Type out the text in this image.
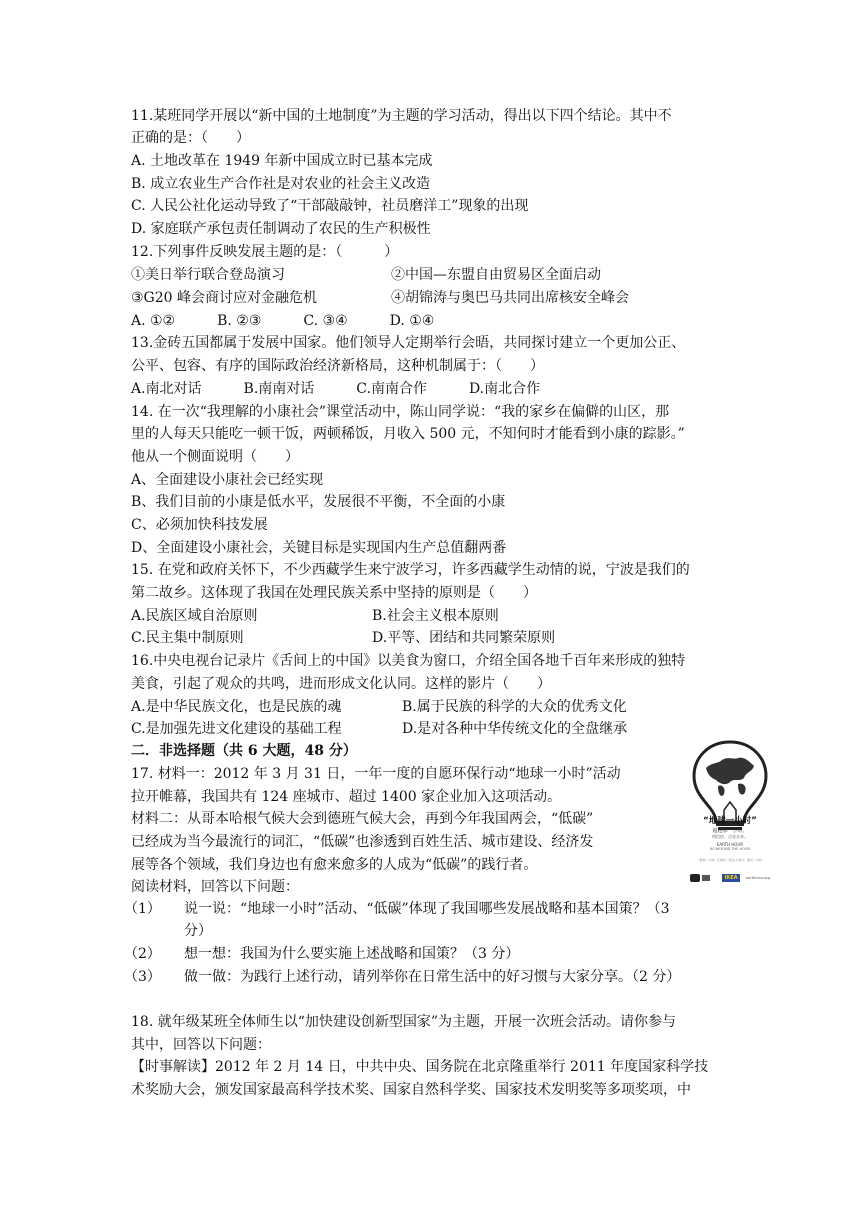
11.某班同学开展以“新中国的土地制度”为主题的学习活动，得出以下四个结论。其中不
正确的是：（　　）
A. 土地改革在 1949 年新中国成立时已基本完成
B. 成立农业生产合作社是对农业的社会主义改造
C. 人民公社化运动导致了“干部敲敲钟，社员磨洋工”现象的出现
D. 家庭联产承包责任制调动了农民的生产积极性
12.下列事件反映发展主题的是：（　　　）
①美日举行联合登岛演习	②中国—东盟自由贸易区全面启动
③G20 峰会商讨应对金融危机	④胡锦涛与奥巴马共同出席核安全峰会
A. ①②　　　B. ②③　　　C. ③④　　　D. ①④
13.金砖五国都属于发展中国家。他们领导人定期举行会晤，共同探讨建立一个更加公正、
公平、包容、有序的国际政治经济新格局，这种机制属于：（　　）
A.南北对话　　　B.南南对话　　　C.南南合作　　　D.南北合作
14. 在一次“我理解的小康社会”课堂活动中，陈山同学说：“我的家乡在偏僻的山区，那
里的人每天只能吃一顿干饭，两顿稀饭，月收入 500 元，不知何时才能看到小康的踪影。”
他从一个侧面说明（　　）
A、全面建设小康社会已经实现
B、我们目前的小康是低水平，发展很不平衡，不全面的小康
C、必须加快科技发展
D、全面建设小康社会，关键目标是实现国内生产总值翻两番
15. 在党和政府关怀下，不少西藏学生来宁波学习，许多西藏学生动情的说，宁波是我们的
第二故乡。这体现了我国在处理民族关系中坚持的原则是（　　）
A.民族区域自治原则	B.社会主义根本原则
C.民主集中制原则	D.平等、团结和共同繁荣原则
16.中央电视台记录片《舌间上的中国》以美食为窗口，介绍全国各地千百年来形成的独特
美食，引起了观众的共鸣，进而形成文化认同。这样的影片（　　）
A.是中华民族文化，也是民族的魂	B.属于民族的科学的大众的优秀文化
C.是加强先进文化建设的基础工程	D.是对各种中华传统文化的全盘继承
二．非选择题（共 6 大题，48 分）
17. 材料一：2012 年 3 月 31 日，一年一度的自愿环保行动“地球一小时”活动
拉开帷幕，我国共有 124 座城市、超过 1400 家企业加入这项活动。
材料二：从哥本哈根气候大会到德班气候大会，再到今年我国两会，“低碳”
已经成为当今最流行的词汇，“低碳”也渗透到百姓生活、城市建设、经济发
展等各个领域，我们身边也有愈来愈多的人成为“低碳”的践行者。
阅读材料，回答以下问题：
（1） 说一说：“地球一小时”活动、“低碳”体现了我国哪些发展战略和基本国策？（3
分）
（2） 想一想：我国为什么要实施上述战略和国策？（3 分）
（3） 做一做：为践行上述行动，请列举你在日常生活中的好习惯与大家分享。（2 分）
18. 就年级某班全体师生以“加快建设创新型国家”为主题，开展一次班会活动。请你参与
其中，回答以下问题：
【时事解读】2012 年 2 月 14 日，中共中央、国务院在北京隆重举行 2011 年度国家科学技
术奖励大会，颁发国家最高科学技术奖、国家自然科学奖、国家技术发明奖等多项奖项，中
“地球一小时”
超越那一小时。
相信你，点亮未来。
EARTH HOUR
60 BEYOND THE HOUR
“地球一小时” 让我们一起关上电灯，熄灭一小时
IKEA	earthhour.org
